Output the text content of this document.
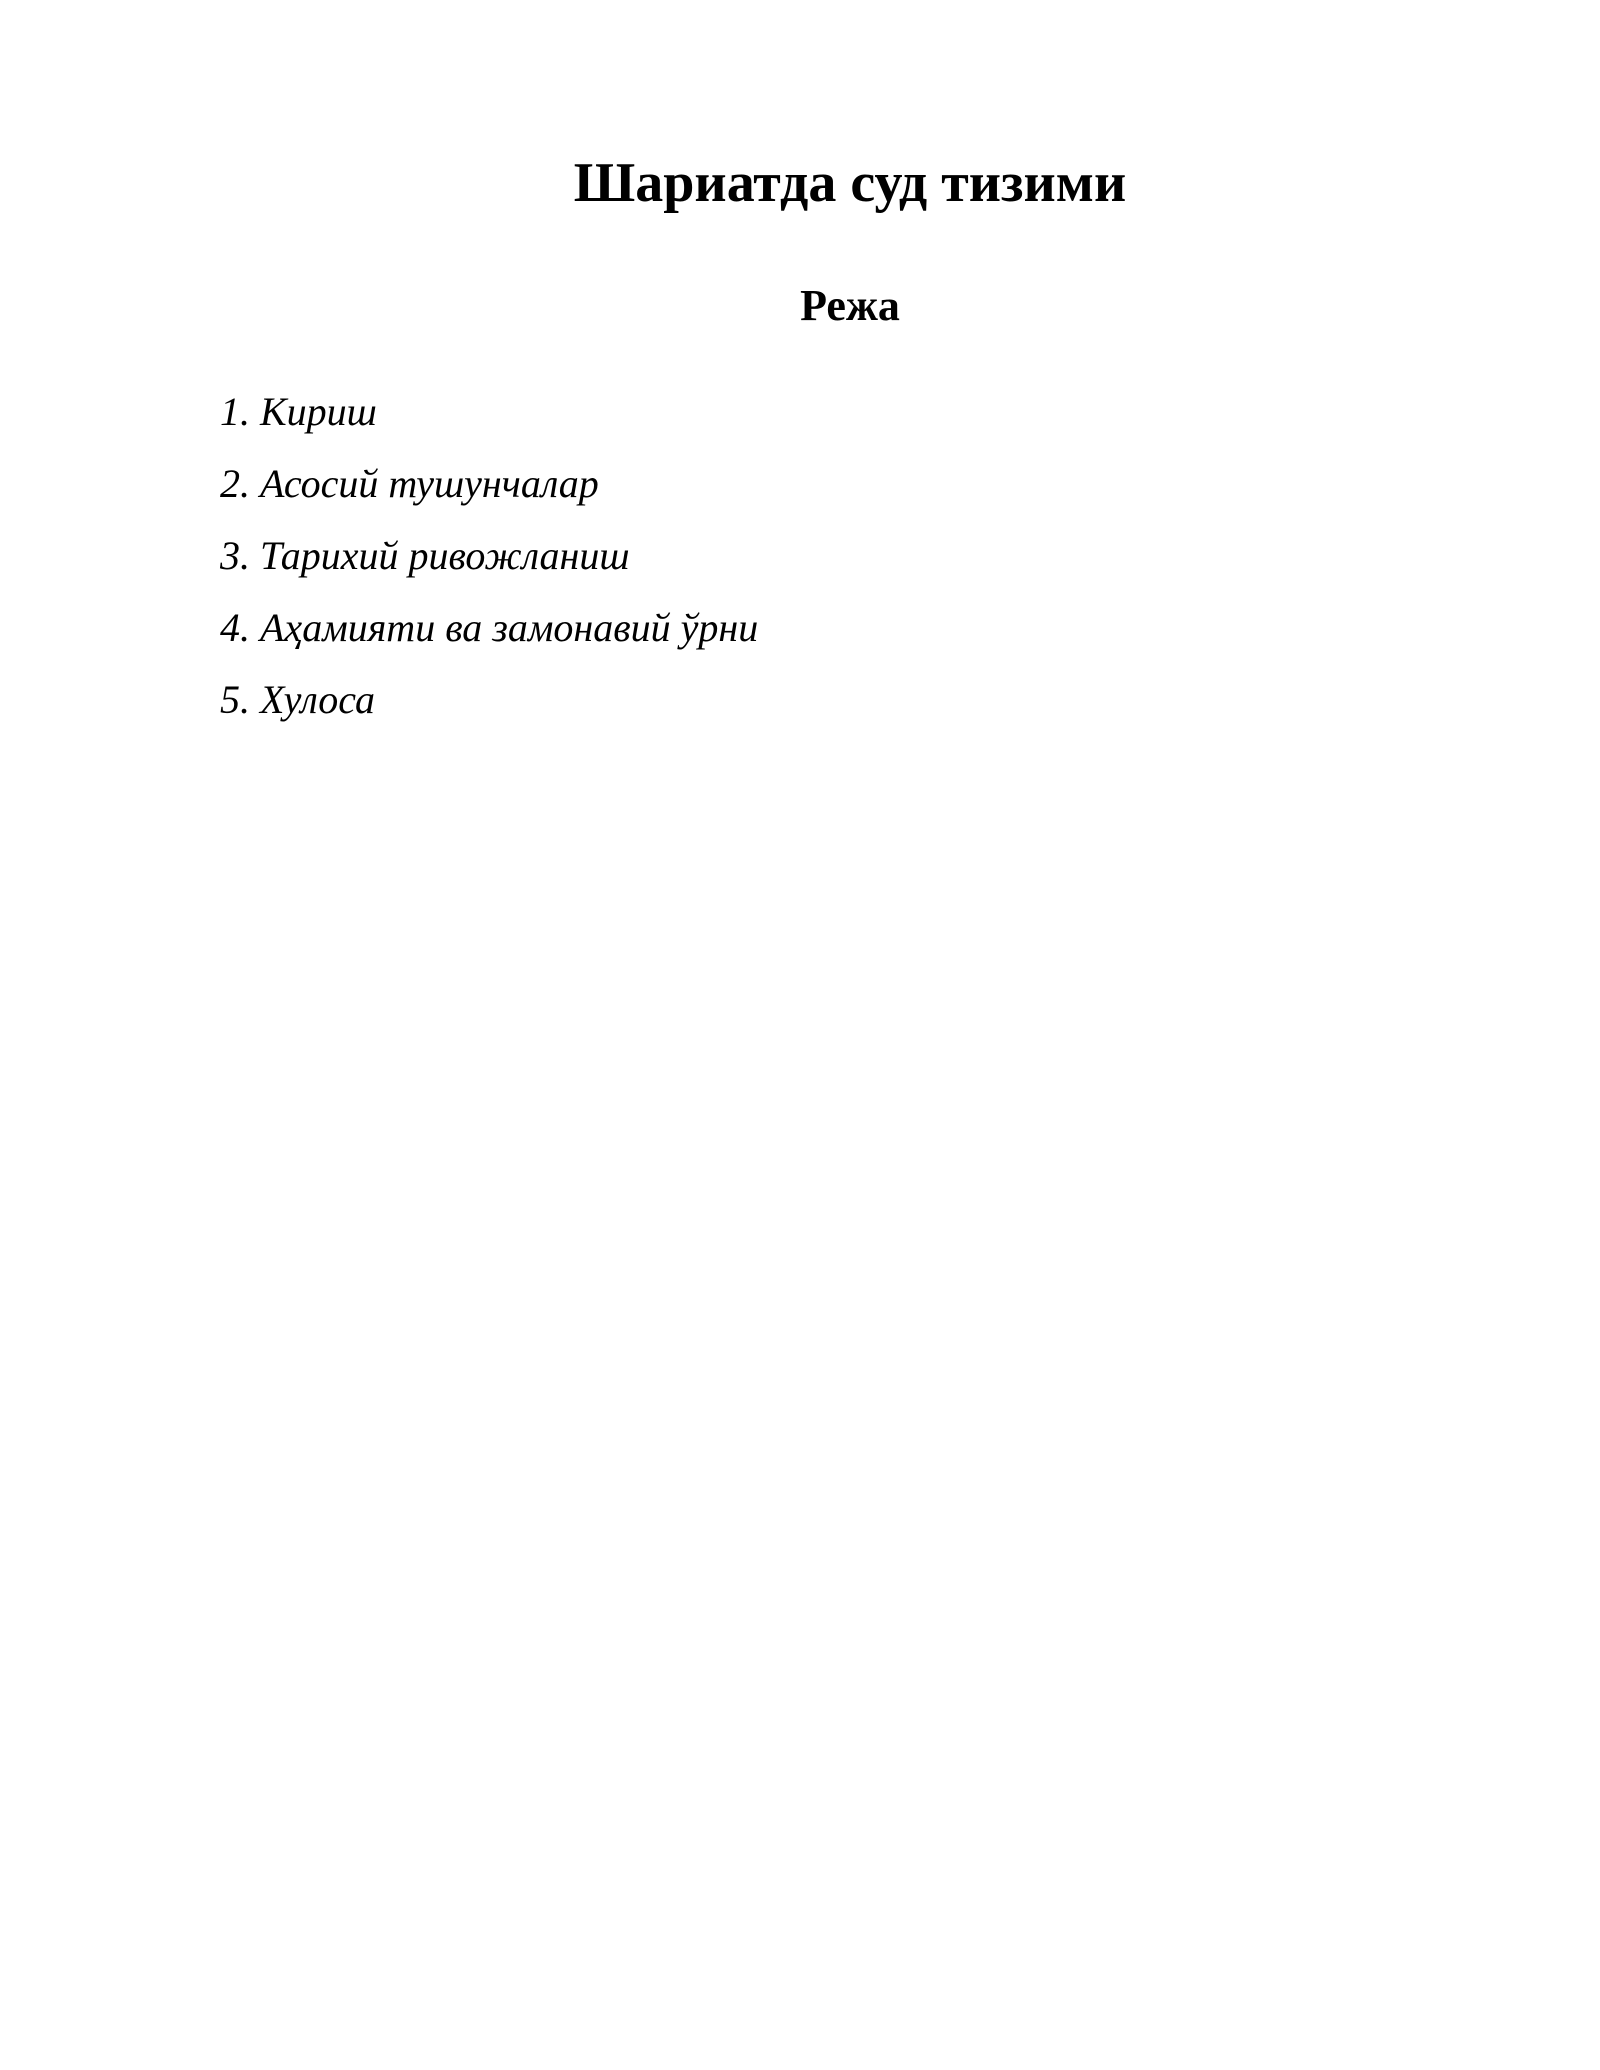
Шариатда суд тизими
Режа
1. Кириш
2. Асосий тушунчалар
3. Тарихий ривожланиш
4. Аҳамияти ва замонавий ўрни
5. Хулоса
